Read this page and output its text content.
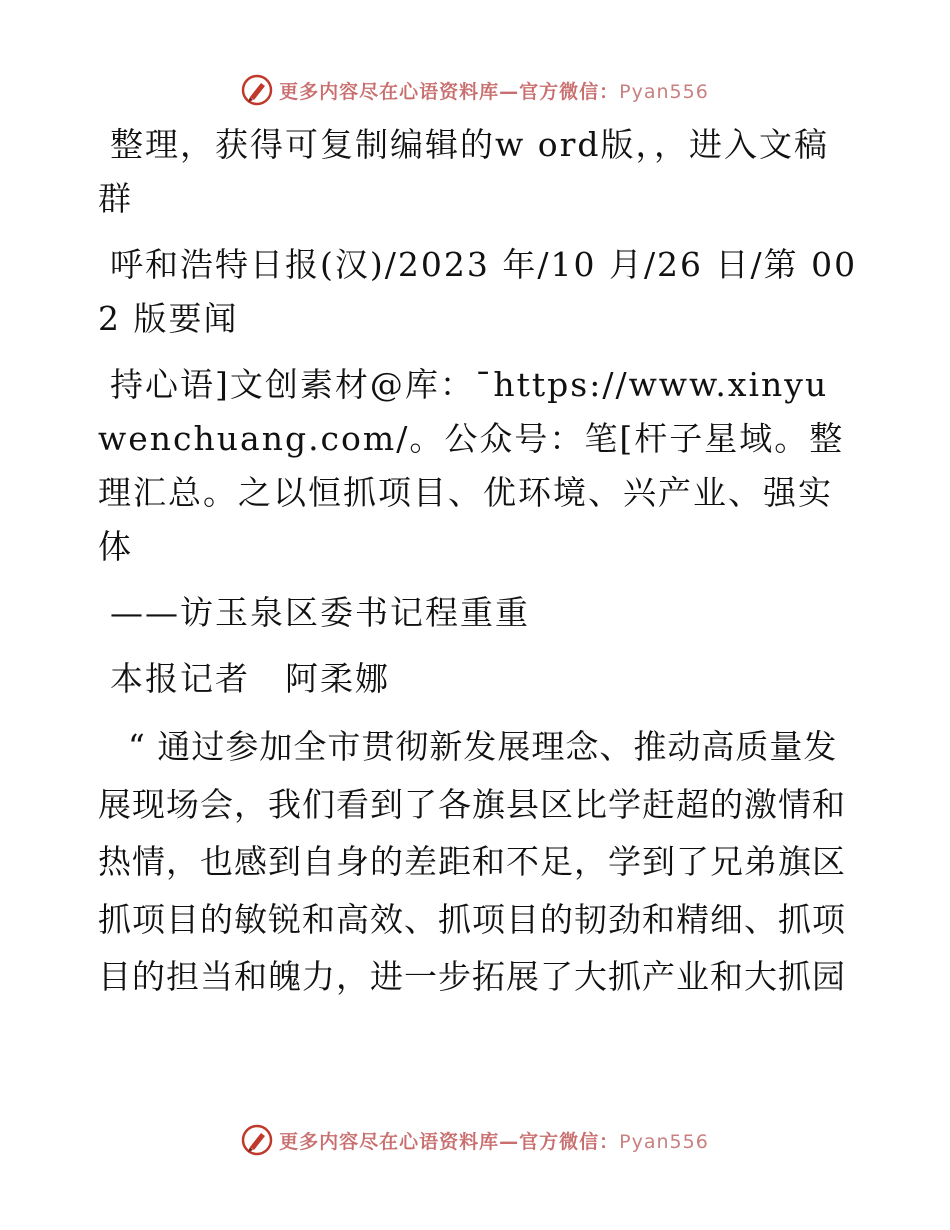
更多内容尽在心语资料库—官方微信：Pyan556

整理，获得可复制编辑的w ord版，，进入文稿群

呼和浩特日报(汉)/2023 年/10 月/26 日/第 002 版要闻

持心语]文创素材@库：¯https://www.xinyuwenchuang.com/。公众号：笔[杆子星域。整理汇总。之以恒抓项目、优环境、兴产业、强实体

——访玉泉区委书记程重重

本报记者　阿柔娜

“ 通过参加全市贯彻新发展理念、推动高质量发展现场会，我们看到了各旗县区比学赶超的激情和热情，也感到自身的差距和不足，学到了兄弟旗区抓项目的敏锐和高效、抓项目的韧劲和精细、抓项目的担当和魄力，进一步拓展了大抓产业和大抓园

更多内容尽在心语资料库—官方微信：Pyan556
